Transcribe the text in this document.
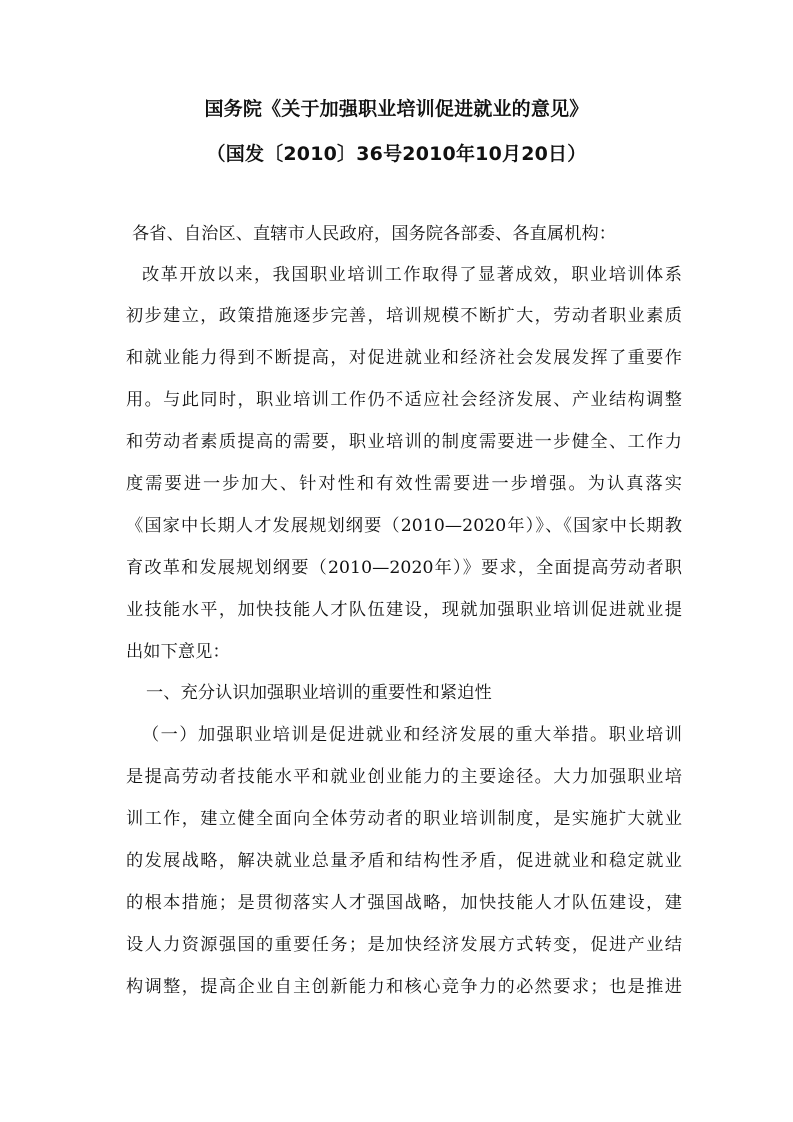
国务院《关于加强职业培训促进就业的意见》
（国发〔2010〕36号2010年10月20日）
各省、自治区、直辖市人民政府，国务院各部委、各直属机构：
改革开放以来，我国职业培训工作取得了显著成效，职业培训体系
初步建立，政策措施逐步完善，培训规模不断扩大，劳动者职业素质
和就业能力得到不断提高，对促进就业和经济社会发展发挥了重要作
用。与此同时，职业培训工作仍不适应社会经济发展、产业结构调整
和劳动者素质提高的需要，职业培训的制度需要进一步健全、工作力
度需要进一步加大、针对性和有效性需要进一步增强。为认真落实
《国家中长期人才发展规划纲要（2010—2020年）》、《国家中长期教
育改革和发展规划纲要（2010—2020年）》要求，全面提高劳动者职
业技能水平，加快技能人才队伍建设，现就加强职业培训促进就业提
出如下意见：
一、充分认识加强职业培训的重要性和紧迫性
（一）加强职业培训是促进就业和经济发展的重大举措。职业培训
是提高劳动者技能水平和就业创业能力的主要途径。大力加强职业培
训工作，建立健全面向全体劳动者的职业培训制度，是实施扩大就业
的发展战略，解决就业总量矛盾和结构性矛盾，促进就业和稳定就业
的根本措施；是贯彻落实人才强国战略，加快技能人才队伍建设，建
设人力资源强国的重要任务；是加快经济发展方式转变，促进产业结
构调整，提高企业自主创新能力和核心竞争力的必然要求；也是推进
